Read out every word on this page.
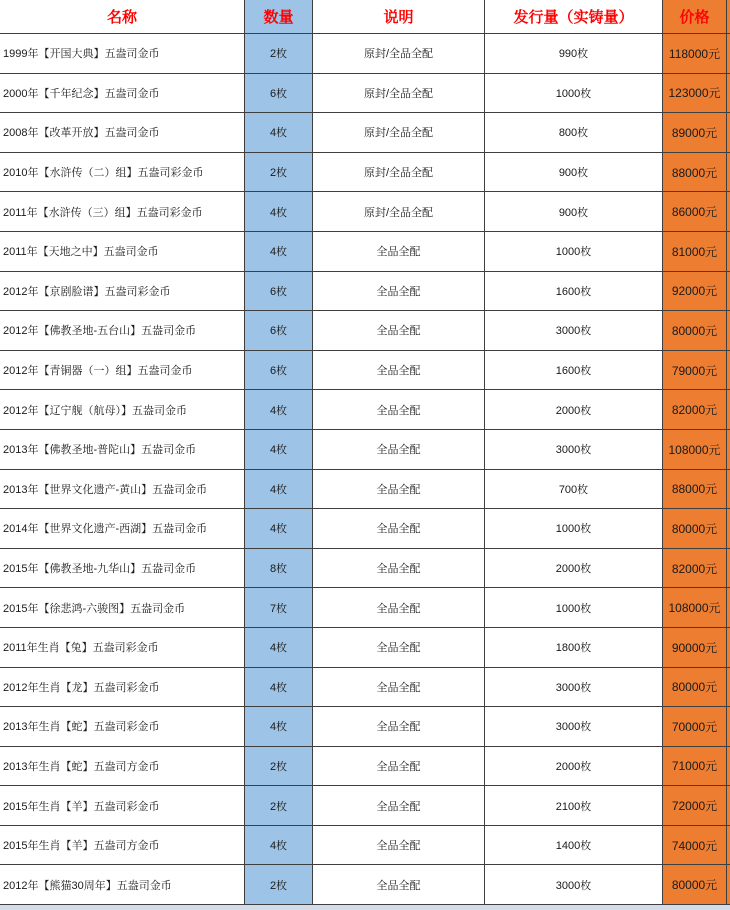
名称	数量	说明	发行量（实铸量）	价格
1999年【开国大典】五盎司金币	2枚	原封/全品全配	990枚	118000元
2000年【千年纪念】五盎司金币	6枚	原封/全品全配	1000枚	123000元
2008年【改革开放】五盎司金币	4枚	原封/全品全配	800枚	89000元
2010年【水浒传（二）组】五盎司彩金币	2枚	原封/全品全配	900枚	88000元
2011年【水浒传（三）组】五盎司彩金币	4枚	原封/全品全配	900枚	86000元
2011年【天地之中】五盎司金币	4枚	全品全配	1000枚	81000元
2012年【京剧脸谱】五盎司彩金币	6枚	全品全配	1600枚	92000元
2012年【佛教圣地-五台山】五盎司金币	6枚	全品全配	3000枚	80000元
2012年【青铜器（一）组】五盎司金币	6枚	全品全配	1600枚	79000元
2012年【辽宁舰（航母）】五盎司金币	4枚	全品全配	2000枚	82000元
2013年【佛教圣地-普陀山】五盎司金币	4枚	全品全配	3000枚	108000元
2013年【世界文化遗产-黄山】五盎司金币	4枚	全品全配	700枚	88000元
2014年【世界文化遗产-西湖】五盎司金币	4枚	全品全配	1000枚	80000元
2015年【佛教圣地-九华山】五盎司金币	8枚	全品全配	2000枚	82000元
2015年【徐悲鸿-六骏图】五盎司金币	7枚	全品全配	1000枚	108000元
2011年生肖【兔】五盎司彩金币	4枚	全品全配	1800枚	90000元
2012年生肖【龙】五盎司彩金币	4枚	全品全配	3000枚	80000元
2013年生肖【蛇】五盎司彩金币	4枚	全品全配	3000枚	70000元
2013年生肖【蛇】五盎司方金币	2枚	全品全配	2000枚	71000元
2015年生肖【羊】五盎司彩金币	2枚	全品全配	2100枚	72000元
2015年生肖【羊】五盎司方金币	4枚	全品全配	1400枚	74000元
2012年【熊猫30周年】五盎司金币	2枚	全品全配	3000枚	80000元
